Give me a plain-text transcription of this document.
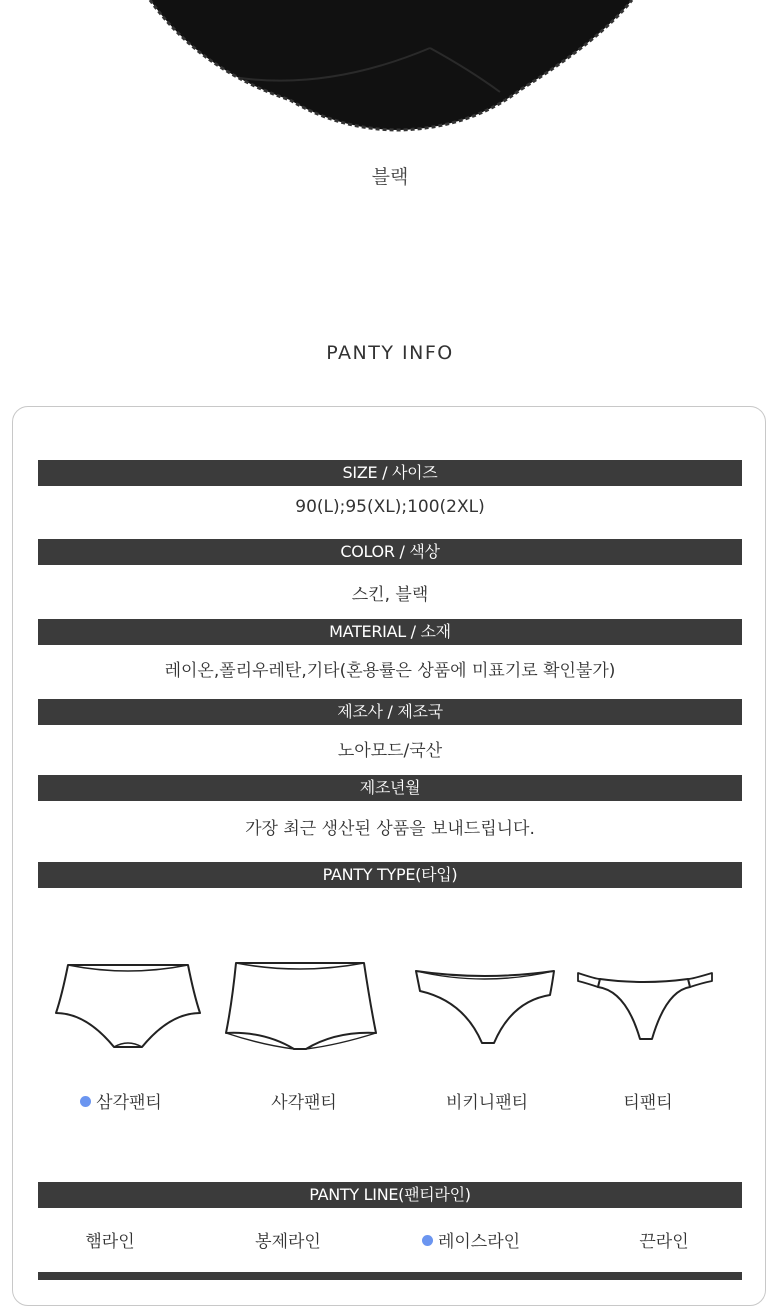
블랙
PANTY INFO
SIZE / 사이즈
90(L);95(XL);100(2XL)
COLOR / 색상
스킨, 블랙
MATERIAL / 소재
레이온,폴리우레탄,기타(혼용률은 상품에 미표기로 확인불가)
제조사 / 제조국
노아모드/국산
제조년월
가장 최근 생산된 상품을 보내드립니다.
PANTY TYPE(타입)
삼각팬티	사각팬티	비키니팬티	티팬티
PANTY LINE(팬티라인)
햄라인	봉제라인	레이스라인	끈라인
